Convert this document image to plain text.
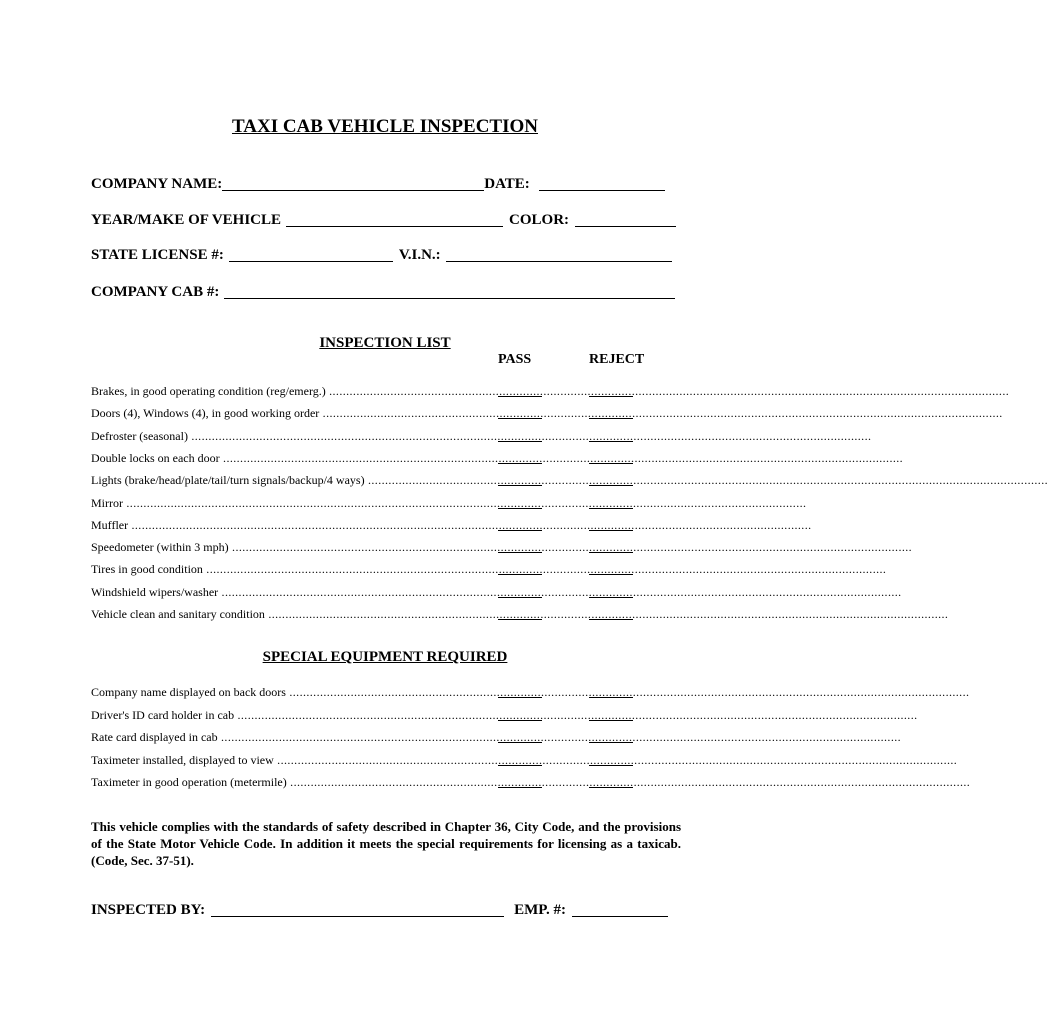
TAXI CAB VEHICLE INSPECTION
COMPANY NAME:	DATE:
YEAR/MAKE OF VEHICLE	COLOR:
STATE LICENSE #:	V.I.N.:
COMPANY CAB #:
INSPECTION LIST
PASS	REJECT
Brakes, in good operating condition (reg/emerg.) ........................................................................................................................................................................................................
Doors (4), Windows (4), in good working order ........................................................................................................................................................................................................
Defroster (seasonal) ........................................................................................................................................................................................................
Double locks on each door ........................................................................................................................................................................................................
Lights (brake/head/plate/tail/turn signals/backup/4 ways) ........................................................................................................................................................................................................
Mirror ........................................................................................................................................................................................................
Muffler ........................................................................................................................................................................................................
Speedometer (within 3 mph) ........................................................................................................................................................................................................
Tires in good condition ........................................................................................................................................................................................................
Windshield wipers/washer ........................................................................................................................................................................................................
Vehicle clean and sanitary condition ........................................................................................................................................................................................................
SPECIAL EQUIPMENT REQUIRED
Company name displayed on back doors ........................................................................................................................................................................................................
Driver's ID card holder in cab ........................................................................................................................................................................................................
Rate card displayed in cab ........................................................................................................................................................................................................
Taximeter installed, displayed to view ........................................................................................................................................................................................................
Taximeter in good operation (metermile) ........................................................................................................................................................................................................
This vehicle complies with the standards of safety described in Chapter 36, City Code, and the provisions of the State Motor Vehicle Code. In addition it meets the special requirements for licensing as a taxicab. (Code, Sec. 37-51).
INSPECTED BY:	EMP. #:
